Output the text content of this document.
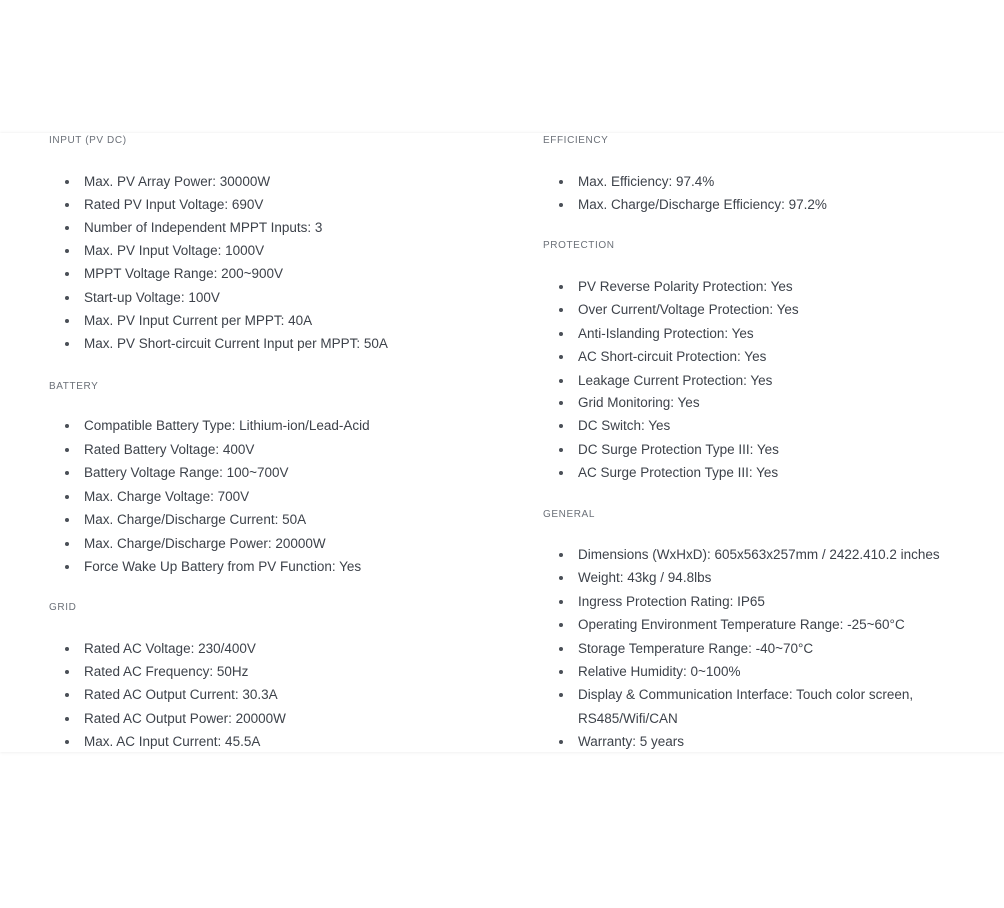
INPUT (PV DC)
Max. PV Array Power: 30000W
Rated PV Input Voltage: 690V
Number of Independent MPPT Inputs: 3
Max. PV Input Voltage: 1000V
MPPT Voltage Range: 200~900V
Start-up Voltage: 100V
Max. PV Input Current per MPPT: 40A
Max. PV Short-circuit Current Input per MPPT: 50A
BATTERY
Compatible Battery Type: Lithium-ion/Lead-Acid
Rated Battery Voltage: 400V
Battery Voltage Range: 100~700V
Max. Charge Voltage: 700V
Max. Charge/Discharge Current: 50A
Max. Charge/Discharge Power: 20000W
Force Wake Up Battery from PV Function: Yes
GRID
Rated AC Voltage: 230/400V
Rated AC Frequency: 50Hz
Rated AC Output Current: 30.3A
Rated AC Output Power: 20000W
Max. AC Input Current: 45.5A
EFFICIENCY
Max. Efficiency: 97.4%
Max. Charge/Discharge Efficiency: 97.2%
PROTECTION
PV Reverse Polarity Protection: Yes
Over Current/Voltage Protection: Yes
Anti-Islanding Protection: Yes
AC Short-circuit Protection: Yes
Leakage Current Protection: Yes
Grid Monitoring: Yes
DC Switch: Yes
DC Surge Protection Type III: Yes
AC Surge Protection Type III: Yes
GENERAL
Dimensions (WxHxD): 605x563x257mm / 2422.410.2 inches
Weight: 43kg / 94.8lbs
Ingress Protection Rating: IP65
Operating Environment Temperature Range: -25~60°C
Storage Temperature Range: -40~70°C
Relative Humidity: 0~100%
Display & Communication Interface: Touch color screen, RS485/Wifi/CAN
Warranty: 5 years
